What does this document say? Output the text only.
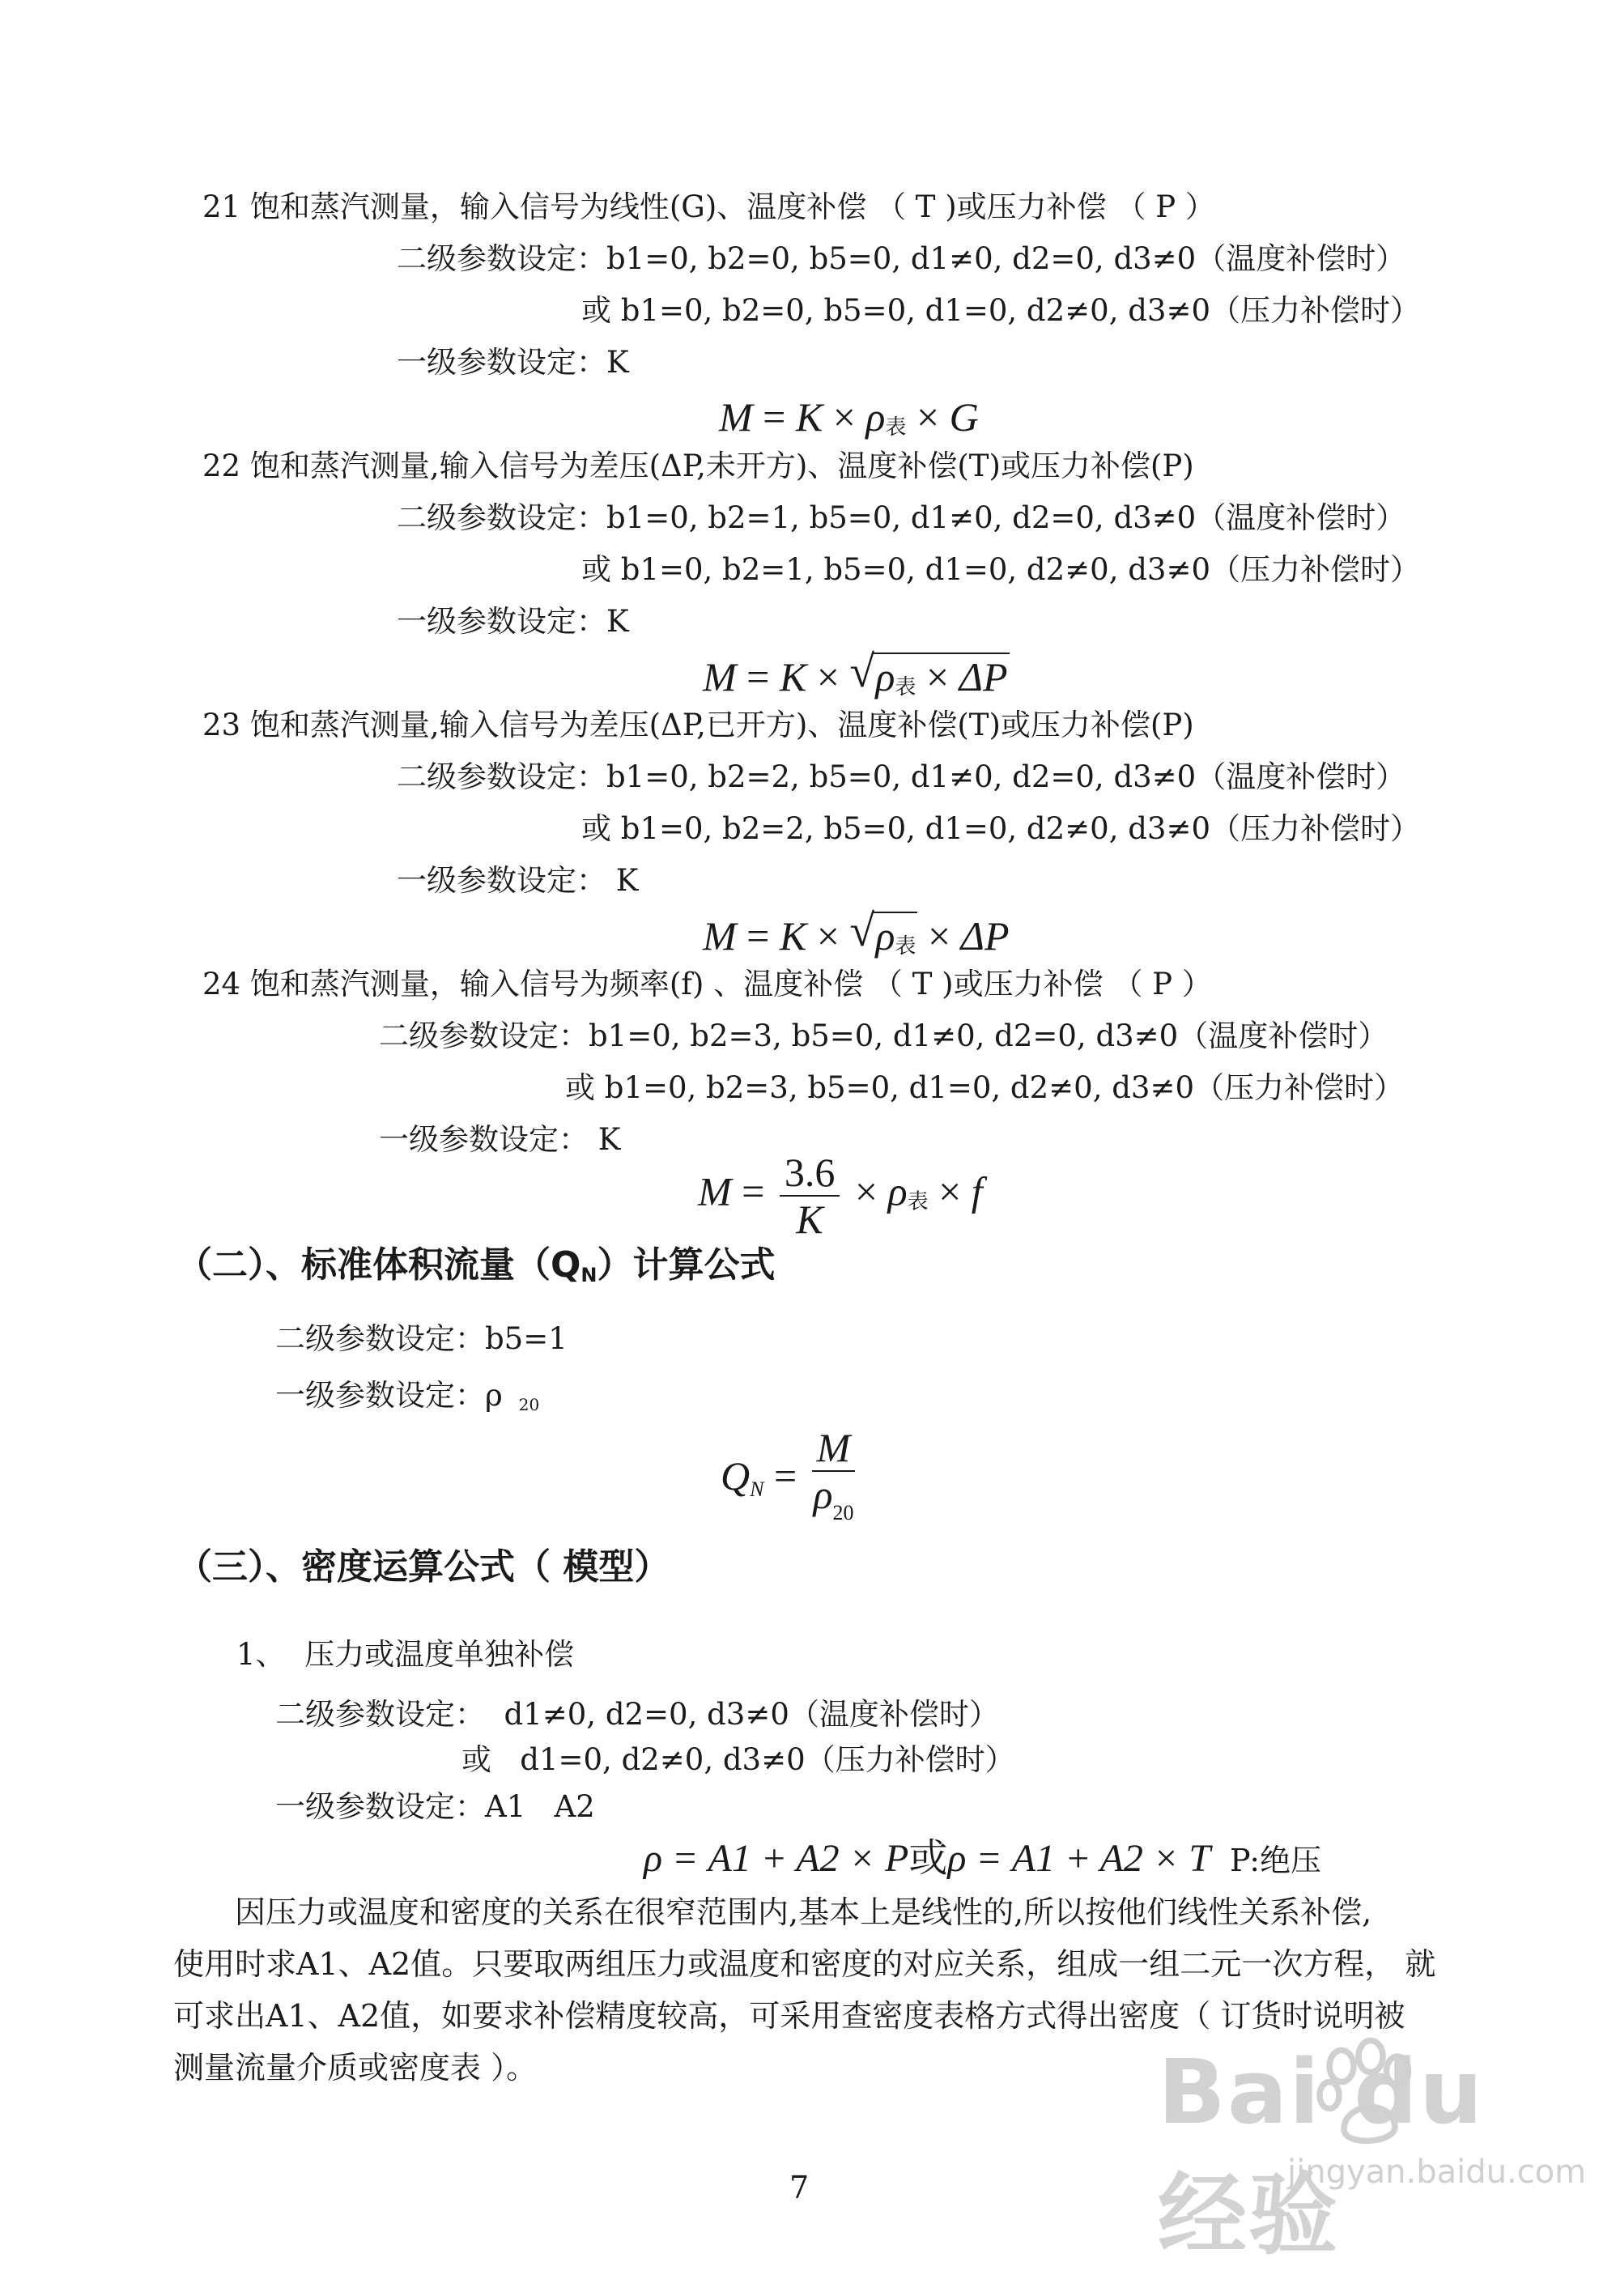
21 饱和蒸汽测量，输入信号为线性(G)、温度补偿 （ T )或压力补偿 （ P ）
二级参数设定：b1=0, b2=0, b5=0, d1≠0, d2=0, d3≠0（温度补偿时）
或 b1=0, b2=0, b5=0, d1=0, d2≠0, d3≠0（压力补偿时）
一级参数设定：K
M = K × ρ表 × G
22 饱和蒸汽测量,输入信号为差压(ΔP,未开方)、温度补偿(T)或压力补偿(P)
二级参数设定：b1=0, b2=1, b5=0, d1≠0, d2=0, d3≠0（温度补偿时）
或 b1=0, b2=1, b5=0, d1=0, d2≠0, d3≠0（压力补偿时）
一级参数设定：K
M = K × √ ρ表 × ΔP
23 饱和蒸汽测量,输入信号为差压(ΔP,已开方)、温度补偿(T)或压力补偿(P)
二级参数设定：b1=0, b2=2, b5=0, d1≠0, d2=0, d3≠0（温度补偿时）
或 b1=0, b2=2, b5=0, d1=0, d2≠0, d3≠0（压力补偿时）
一级参数设定： K
M = K × √ ρ表 × ΔP
24 饱和蒸汽测量，输入信号为频率(f) 、温度补偿 （ T )或压力补偿 （ P ）
二级参数设定：b1=0, b2=3, b5=0, d1≠0, d2=0, d3≠0（温度补偿时）
或 b1=0, b2=3, b5=0, d1=0, d2≠0, d3≠0（压力补偿时）
一级参数设定： K
$M = \frac{3.6}{K} \times \rho$表 × f
（二）、标准体积流量（QN）计算公式
二级参数设定：b5=1
一级参数设定：ρ 20
QN = $\frac{M}{\rho_{20}}$
（三）、密度运算公式（ 模型）
1、  压力或温度单独补偿
二级参数设定：  d1≠0, d2=0, d3≠0（温度补偿时）
或   d1=0, d2≠0, d3≠0（压力补偿时）
一级参数设定：A1   A2
ρ = A1 + A2 × P或ρ = A1 + A2 × T P:绝压
因压力或温度和密度的关系在很窄范围内,基本上是线性的,所以按他们线性关系补偿,
使用时求A1、A2值。只要取两组压力或温度和密度的对应关系，组成一组二元一次方程， 就
可求出A1、A2值，如要求补偿精度较高，可采用查密度表格方式得出密度（ 订货时说明被
测量流量介质或密度表 ）。
7
Bai du 经验
jingyan.baidu.com
